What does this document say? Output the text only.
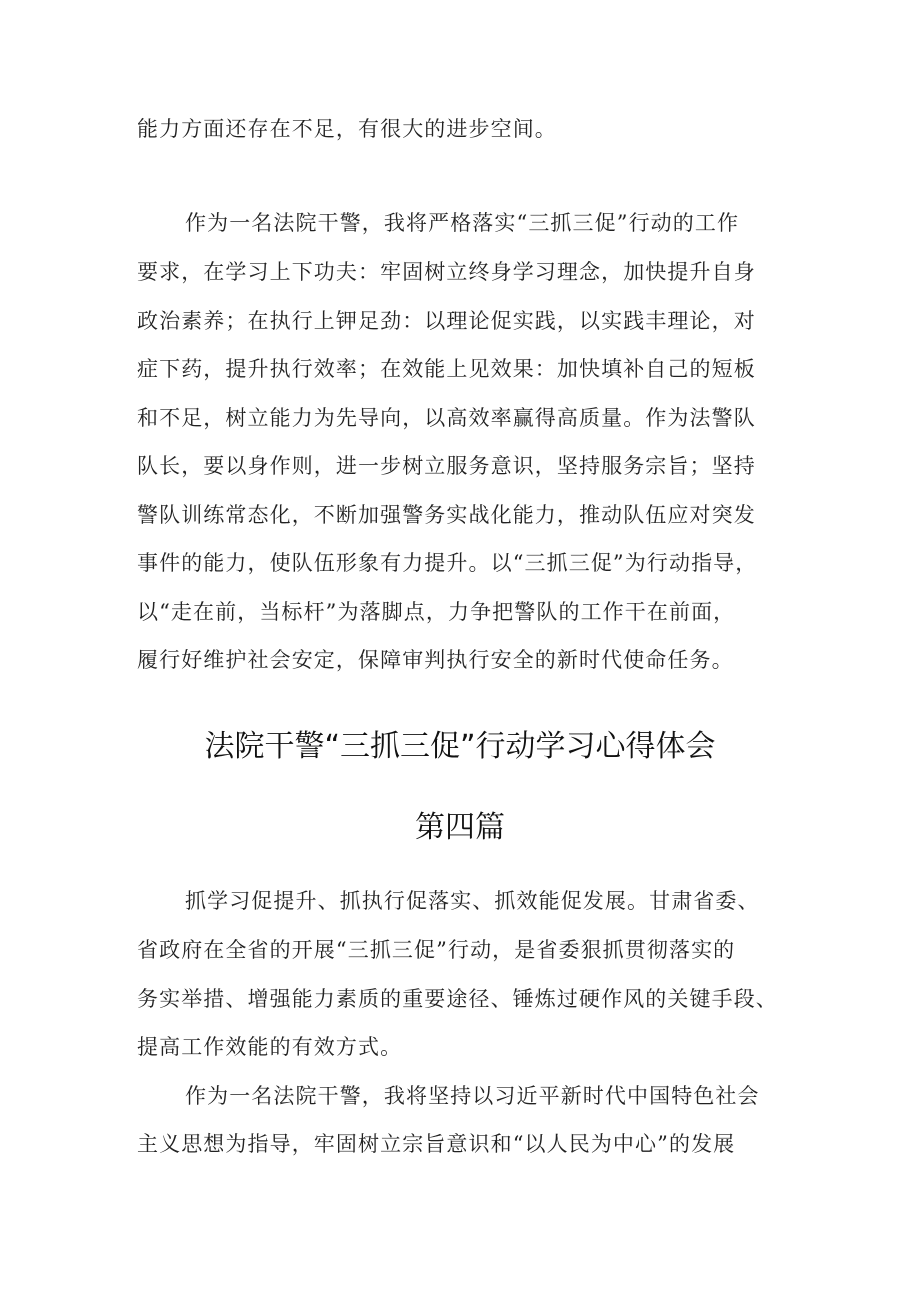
能力方面还存在不足，有很大的进步空间。

作为一名法院干警，我将严格落实“三抓三促”行动的工作

要求，在学习上下功夫：牢固树立终身学习理念，加快提升自身

政治素养；在执行上钾足劲：以理论促实践，以实践丰理论，对

症下药，提升执行效率；在效能上见效果：加快填补自己的短板

和不足，树立能力为先导向，以高效率赢得高质量。作为法警队

队长，要以身作则，进一步树立服务意识，坚持服务宗旨；坚持

警队训练常态化，不断加强警务实战化能力，推动队伍应对突发

事件的能力，使队伍形象有力提升。以“三抓三促”为行动指导，

以“走在前，当标杆”为落脚点，力争把警队的工作干在前面，

履行好维护社会安定，保障审判执行安全的新时代使命任务。

法院干警“三抓三促”行动学习心得体会
第四篇

抓学习促提升、抓执行促落实、抓效能促发展。甘肃省委、

省政府在全省的开展“三抓三促”行动，是省委狠抓贯彻落实的

务实举措、增强能力素质的重要途径、锤炼过硬作风的关键手段、

提高工作效能的有效方式。

作为一名法院干警，我将坚持以习近平新时代中国特色社会

主义思想为指导，牢固树立宗旨意识和“以人民为中心”的发展
